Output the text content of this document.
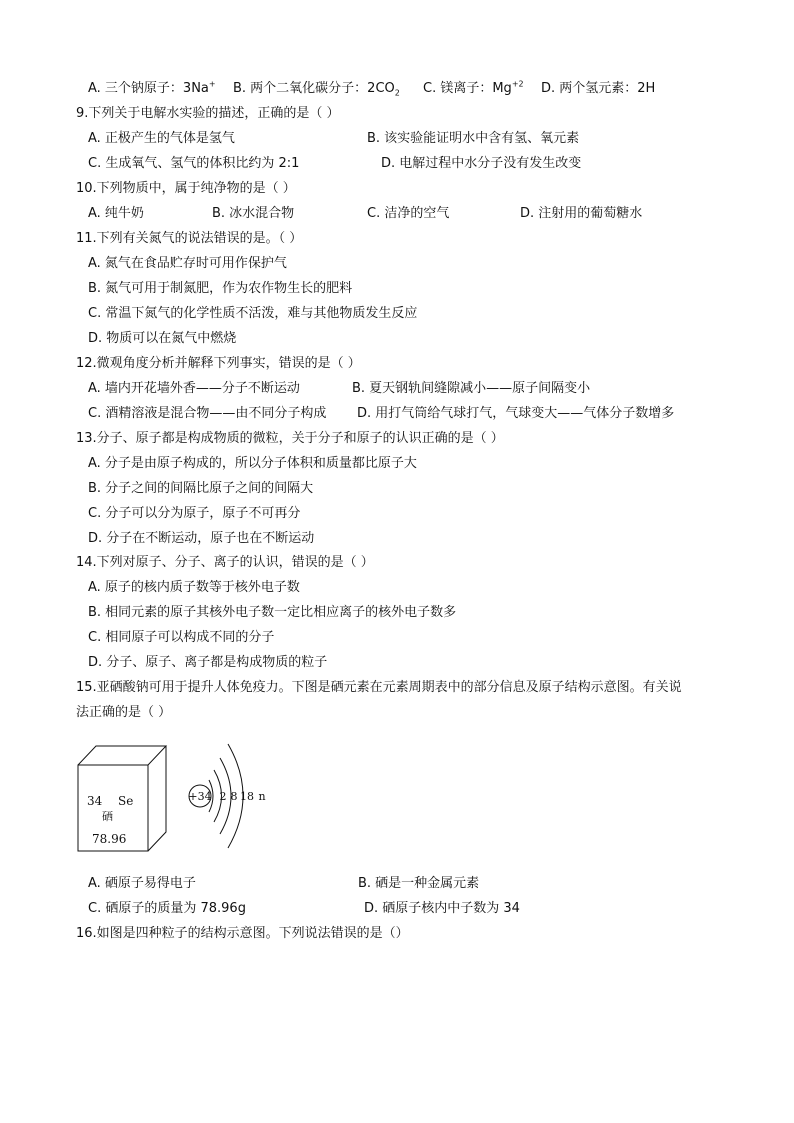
A. 三个钠原子：3Na+ B. 两个二氧化碳分子：$2CO_2$ C. 镁离子：$Mg^{+2}$ D. 两个氢元素：2H
9.下列关于电解水实验的描述，正确的是（ ）
A. 正极产生的气体是氢气	B. 该实验能证明水中含有氢、氧元素
C. 生成氧气、氢气的体积比约为 2:1	D. 电解过程中水分子没有发生改变
10.下列物质中，属于纯净物的是（ ）
A. 纯牛奶	B. 冰水混合物	C. 洁净的空气	D. 注射用的葡萄糖水
11.下列有关氮气的说法错误的是。（ ）
A. 氮气在食品贮存时可用作保护气
B. 氮气可用于制氮肥，作为农作物生长的肥料
C. 常温下氮气的化学性质不活泼，难与其他物质发生反应
D. 物质可以在氮气中燃烧
12.微观角度分析并解释下列事实，错误的是（ ）
A. 墙内开花墙外香——分子不断运动	B. 夏天钢轨间缝隙减小——原子间隔变小
C. 酒精溶液是混合物——由不同分子构成 D. 用打气筒给气球打气，气球变大——气体分子数增多
13.分子、原子都是构成物质的微粒，关于分子和原子的认识正确的是（ ）
A. 分子是由原子构成的，所以分子体积和质量都比原子大
B. 分子之间的间隔比原子之间的间隔大
C. 分子可以分为原子，原子不可再分
D. 分子在不断运动，原子也在不断运动
14.下列对原子、分子、离子的认识，错误的是（ ）
A. 原子的核内质子数等于核外电子数
B. 相同元素的原子其核外电子数一定比相应离子的核外电子数多
C. 相同原子可以构成不同的分子
D. 分子、原子、离子都是构成物质的粒子
15.亚硒酸钠可用于提升人体免疫力。下图是硒元素在元素周期表中的部分信息及原子结构示意图。有关说
法正确的是（ ）
34 Se
硒
78.96
+34 2 8 18 n
A. 硒原子易得电子	B. 硒是一种金属元素
C. 硒原子的质量为 78.96g	D. 硒原子核内中子数为 34
16.如图是四种粒子的结构示意图。下列说法错误的是（）
